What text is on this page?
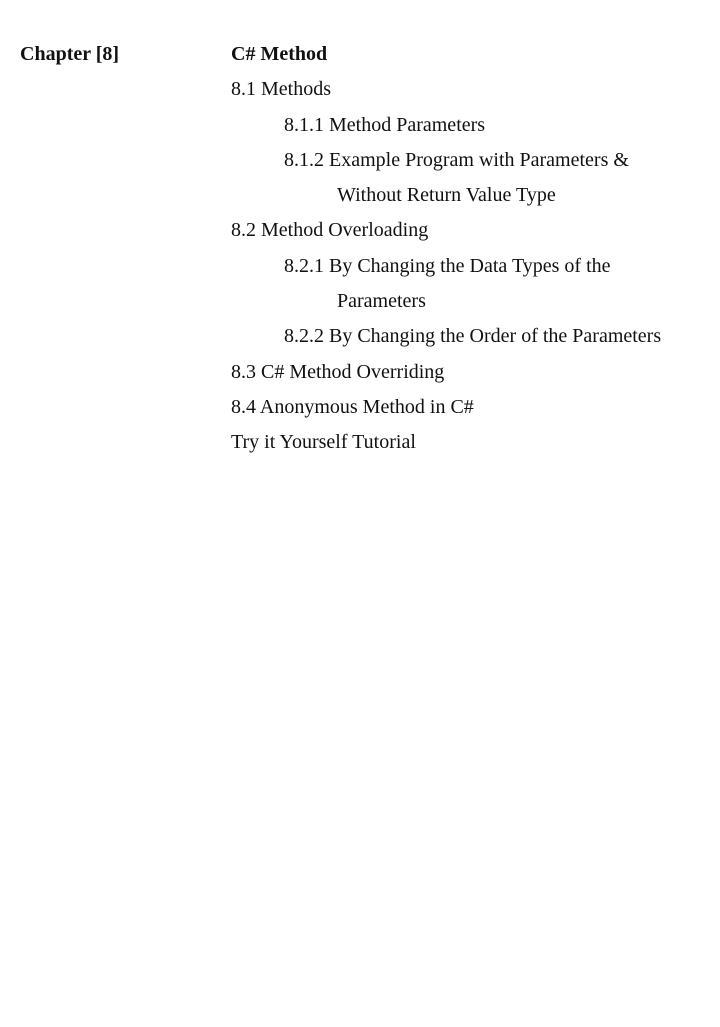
Chapter [8]	C# Method
8.1 Methods
8.1.1 Method Parameters
8.1.2 Example Program with Parameters &
Without Return Value Type
8.2 Method Overloading
8.2.1 By Changing the Data Types of the
Parameters
8.2.2 By Changing the Order of the Parameters
8.3 C# Method Overriding
8.4 Anonymous Method in C#
Try it Yourself Tutorial
